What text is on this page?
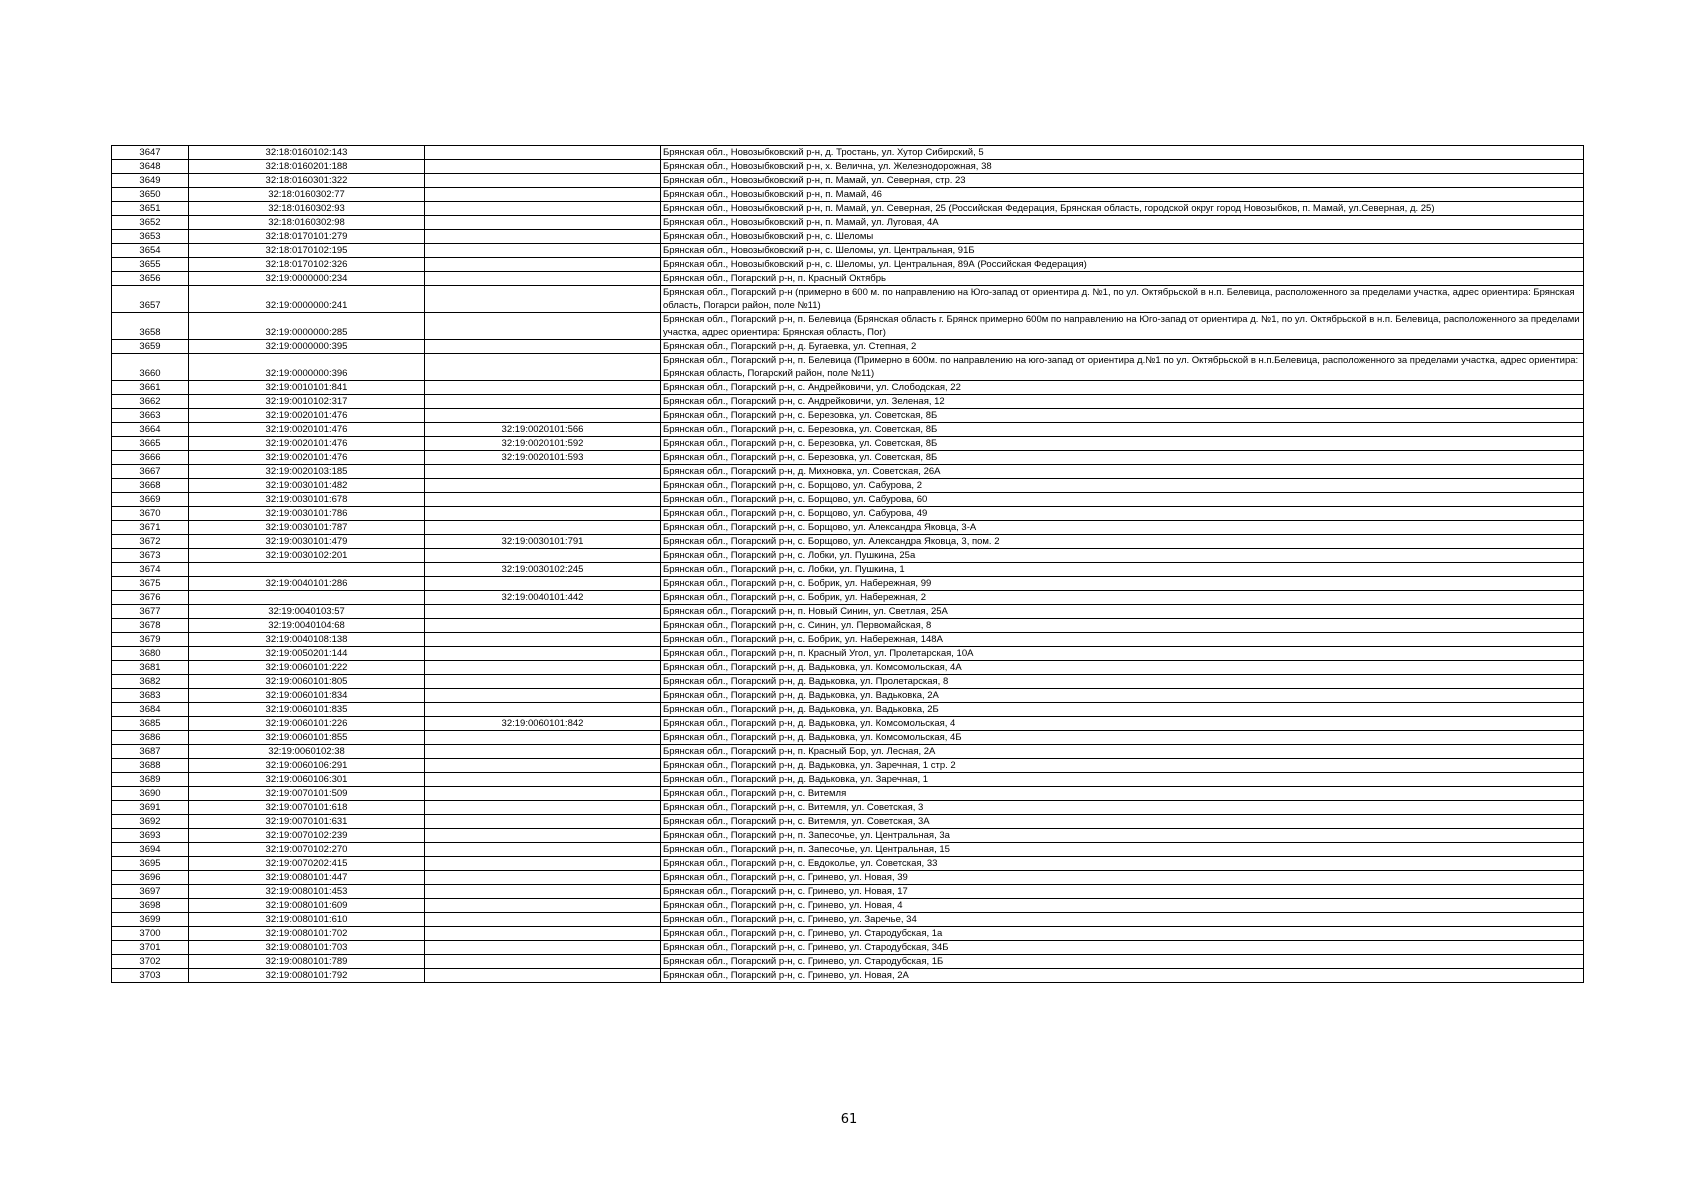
3647	32:18:0160102:143		Брянская обл., Новозыбковский р-н, д. Тростань, ул. Хутор Сибирский, 5
3648	32:18:0160201:188		Брянская обл., Новозыбковский р-н, х. Велична, ул. Железнодорожная, 38
3649	32:18:0160301:322		Брянская обл., Новозыбковский р-н, п. Мамай, ул. Северная, стр. 23
3650	32:18:0160302:77		Брянская обл., Новозыбковский р-н, п. Мамай, 46
3651	32:18:0160302:93		Брянская обл., Новозыбковский р-н, п. Мамай, ул. Северная, 25 (Российская Федерация, Брянская область, городской округ город Новозыбков, п. Мамай, ул.Северная, д. 25)
3652	32:18:0160302:98		Брянская обл., Новозыбковский р-н, п. Мамай, ул. Луговая, 4А
3653	32:18:0170101:279		Брянская обл., Новозыбковский р-н, с. Шеломы
3654	32:18:0170102:195		Брянская обл., Новозыбковский р-н, с. Шеломы, ул. Центральная, 91Б
3655	32:18:0170102:326		Брянская обл., Новозыбковский р-н, с. Шеломы, ул. Центральная, 89А (Российская Федерация)
3656	32:19:0000000:234		Брянская обл., Погарский р-н, п. Красный Октябрь
3657	32:19:0000000:241		Брянская обл., Погарский р-н (примерно в 600 м. по направлению на Юго-запад от ориентира д. №1, по ул. Октябрьской в н.п. Белевица, расположенного за пределами участка, адрес ориентира: Брянская область, Погарси район, поле №11)
3658	32:19:0000000:285		Брянская обл., Погарский р-н, п. Белевица (Брянская область г. Брянск примерно 600м по направлению на Юго-запад от ориентира д. №1, по ул. Октябрьской в н.п. Белевица, расположенного за пределами участка, адрес ориентира: Брянская область, Пог)
3659	32:19:0000000:395		Брянская обл., Погарский р-н, д. Бугаевка, ул. Степная, 2
3660	32:19:0000000:396		Брянская обл., Погарский р-н, п. Белевица (Примерно в 600м. по направлению на юго-запад от ориентира д.№1 по ул. Октябрьской в н.п.Белевица, расположенного за пределами участка, адрес ориентира: Брянская область, Погарский район, поле №11)
3661	32:19:0010101:841		Брянская обл., Погарский р-н, с. Андрейковичи, ул. Слободская, 22
3662	32:19:0010102:317		Брянская обл., Погарский р-н, с. Андрейковичи, ул. Зеленая, 12
3663	32:19:0020101:476		Брянская обл., Погарский р-н, с. Березовка, ул. Советская, 8Б
3664	32:19:0020101:476	32:19:0020101:566	Брянская обл., Погарский р-н, с. Березовка, ул. Советская, 8Б
3665	32:19:0020101:476	32:19:0020101:592	Брянская обл., Погарский р-н, с. Березовка, ул. Советская, 8Б
3666	32:19:0020101:476	32:19:0020101:593	Брянская обл., Погарский р-н, с. Березовка, ул. Советская, 8Б
3667	32:19:0020103:185		Брянская обл., Погарский р-н, д. Михновка, ул. Советская, 26А
3668	32:19:0030101:482		Брянская обл., Погарский р-н, с. Борщово, ул. Сабурова, 2
3669	32:19:0030101:678		Брянская обл., Погарский р-н, с. Борщово, ул. Сабурова, 60
3670	32:19:0030101:786		Брянская обл., Погарский р-н, с. Борщово, ул. Сабурова, 49
3671	32:19:0030101:787		Брянская обл., Погарский р-н, с. Борщово, ул. Александра Яковца, 3-А
3672	32:19:0030101:479	32:19:0030101:791	Брянская обл., Погарский р-н, с. Борщово, ул. Александра Яковца, 3, пом. 2
3673	32:19:0030102:201		Брянская обл., Погарский р-н, с. Лобки, ул. Пушкина, 25а
3674		32:19:0030102:245	Брянская обл., Погарский р-н, с. Лобки, ул. Пушкина, 1
3675	32:19:0040101:286		Брянская обл., Погарский р-н, с. Бобрик, ул. Набережная, 99
3676		32:19:0040101:442	Брянская обл., Погарский р-н, с. Бобрик, ул. Набережная, 2
3677	32:19:0040103:57		Брянская обл., Погарский р-н, п. Новый Синин, ул. Светлая, 25А
3678	32:19:0040104:68		Брянская обл., Погарский р-н, с. Синин, ул. Первомайская, 8
3679	32:19:0040108:138		Брянская обл., Погарский р-н, с. Бобрик, ул. Набережная, 148А
3680	32:19:0050201:144		Брянская обл., Погарский р-н, п. Красный Угол, ул. Пролетарская, 10А
3681	32:19:0060101:222		Брянская обл., Погарский р-н, д. Вадьковка, ул. Комсомольская, 4А
3682	32:19:0060101:805		Брянская обл., Погарский р-н, д. Вадьковка, ул. Пролетарская, 8
3683	32:19:0060101:834		Брянская обл., Погарский р-н, д. Вадьковка, ул. Вадьковка, 2А
3684	32:19:0060101:835		Брянская обл., Погарский р-н, д. Вадьковка, ул. Вадьковка, 2Б
3685	32:19:0060101:226	32:19:0060101:842	Брянская обл., Погарский р-н, д. Вадьковка, ул. Комсомольская, 4
3686	32:19:0060101:855		Брянская обл., Погарский р-н, д. Вадьковка, ул. Комсомольская, 4Б
3687	32:19:0060102:38		Брянская обл., Погарский р-н, п. Красный Бор, ул. Лесная, 2А
3688	32:19:0060106:291		Брянская обл., Погарский р-н, д. Вадьковка, ул. Заречная, 1 стр. 2
3689	32:19:0060106:301		Брянская обл., Погарский р-н, д. Вадьковка, ул. Заречная, 1
3690	32:19:0070101:509		Брянская обл., Погарский р-н, с. Витемля
3691	32:19:0070101:618		Брянская обл., Погарский р-н, с. Витемля, ул. Советская, 3
3692	32:19:0070101:631		Брянская обл., Погарский р-н, с. Витемля, ул. Советская, 3А
3693	32:19:0070102:239		Брянская обл., Погарский р-н, п. Запесочье, ул. Центральная, 3а
3694	32:19:0070102:270		Брянская обл., Погарский р-н, п. Запесочье, ул. Центральная, 15
3695	32:19:0070202:415		Брянская обл., Погарский р-н, с. Евдоколье, ул. Советская, 33
3696	32:19:0080101:447		Брянская обл., Погарский р-н, с. Гринево, ул. Новая, 39
3697	32:19:0080101:453		Брянская обл., Погарский р-н, с. Гринево, ул. Новая, 17
3698	32:19:0080101:609		Брянская обл., Погарский р-н, с. Гринево, ул. Новая, 4
3699	32:19:0080101:610		Брянская обл., Погарский р-н, с. Гринево, ул. Заречье, 34
3700	32:19:0080101:702		Брянская обл., Погарский р-н, с. Гринево, ул. Стародубская, 1а
3701	32:19:0080101:703		Брянская обл., Погарский р-н, с. Гринево, ул. Стародубская, 34Б
3702	32:19:0080101:789		Брянская обл., Погарский р-н, с. Гринево, ул. Стародубская, 1Б
3703	32:19:0080101:792		Брянская обл., Погарский р-н, с. Гринево, ул. Новая, 2А
61
